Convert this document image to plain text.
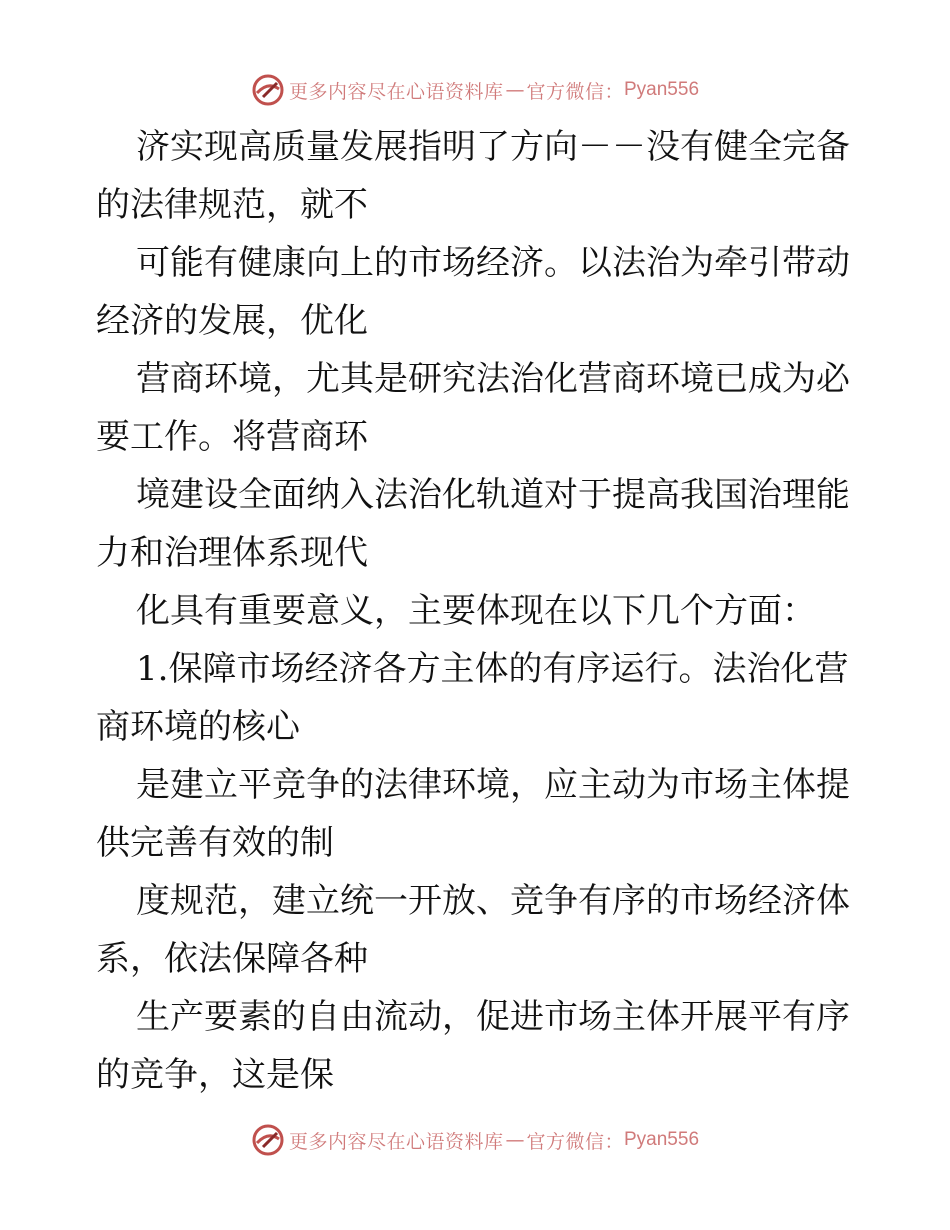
更多内容尽在心语资料库 — 官方微信： Pyan556

济实现高质量发展指明了方向－－没有健全完备
的法律规范，就不

可能有健康向上的市场经济。以法治为牵引带动
经济的发展，优化

营商环境，尤其是研究法治化营商环境已成为必
要工作。将营商环

境建设全面纳入法治化轨道对于提高我国治理能
力和治理体系现代

化具有重要意义，主要体现在以下几个方面：

1.保障市场经济各方主体的有序运行。法治化营
商环境的核心

是建立平竞争的法律环境，应主动为市场主体提
供完善有效的制

度规范，建立统一开放、竞争有序的市场经济体
系，依法保障各种

生产要素的自由流动，促进市场主体开展平有序
的竞争，这是保

更多内容尽在心语资料库 — 官方微信： Pyan556
